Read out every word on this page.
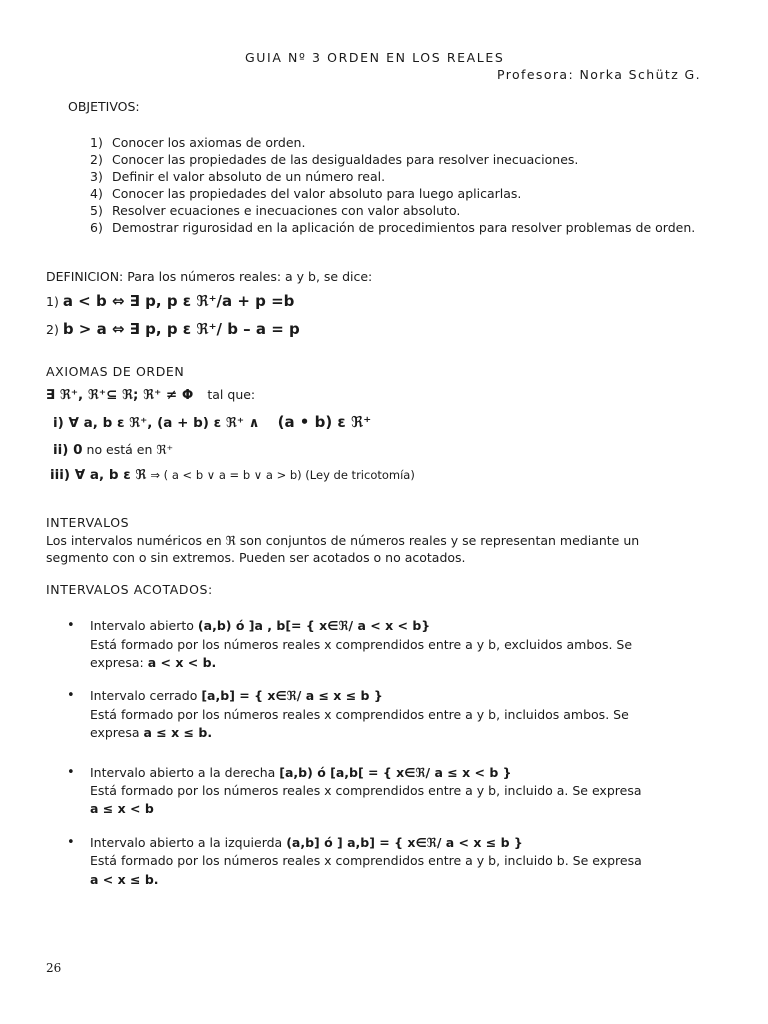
GUIA Nº 3 ORDEN EN LOS REALES
Profesora: Norka Schütz G.
OBJETIVOS:
1) Conocer los axiomas de orden.
2) Conocer las propiedades de las desigualdades para resolver inecuaciones.
3) Definir el valor absoluto de un número real.
4) Conocer las propiedades del valor absoluto para luego aplicarlas.
5) Resolver ecuaciones e inecuaciones con valor absoluto.
6) Demostrar rigurosidad en la aplicación de procedimientos para resolver problemas de orden.
DEFINICION: Para los números reales: a y b, se dice:
1) a < b ⇔ ∃ p, p ε ℜ⁺/a + p =b
2) b > a ⇔ ∃ p, p ε ℜ⁺/ b – a = p
AXIOMAS DE ORDEN
∃ ℜ⁺, ℜ⁺⊆ ℜ; ℜ⁺ ≠ Φ tal que:
i) ∀ a, b ε ℜ⁺, (a + b) ε ℜ⁺ ∧ (a • b) ε ℜ⁺
ii) 0 no está en ℜ⁺
iii) ∀ a, b ε ℜ ⇒ ( a < b ∨ a = b ∨ a > b) (Ley de tricotomía)
INTERVALOS
Los intervalos numéricos en ℜ son conjuntos de números reales y se representan mediante un
segmento con o sin extremos. Pueden ser acotados o no acotados.
INTERVALOS ACOTADOS:
• Intervalo abierto (a,b) ó ]a , b[= { x∈ℜ/ a < x < b}
Está formado por los números reales x comprendidos entre a y b, excluidos ambos. Se
expresa: a < x < b.
• Intervalo cerrado [a,b] = { x∈ℜ/ a ≤ x ≤ b }
Está formado por los números reales x comprendidos entre a y b, incluidos ambos. Se
expresa a ≤ x ≤ b.
• Intervalo abierto a la derecha [a,b) ó [a,b[ = { x∈ℜ/ a ≤ x < b }
Está formado por los números reales x comprendidos entre a y b, incluido a. Se expresa
a ≤ x < b
• Intervalo abierto a la izquierda (a,b] ó ] a,b] = { x∈ℜ/ a < x ≤ b }
Está formado por los números reales x comprendidos entre a y b, incluido b. Se expresa
a < x ≤ b.
26
